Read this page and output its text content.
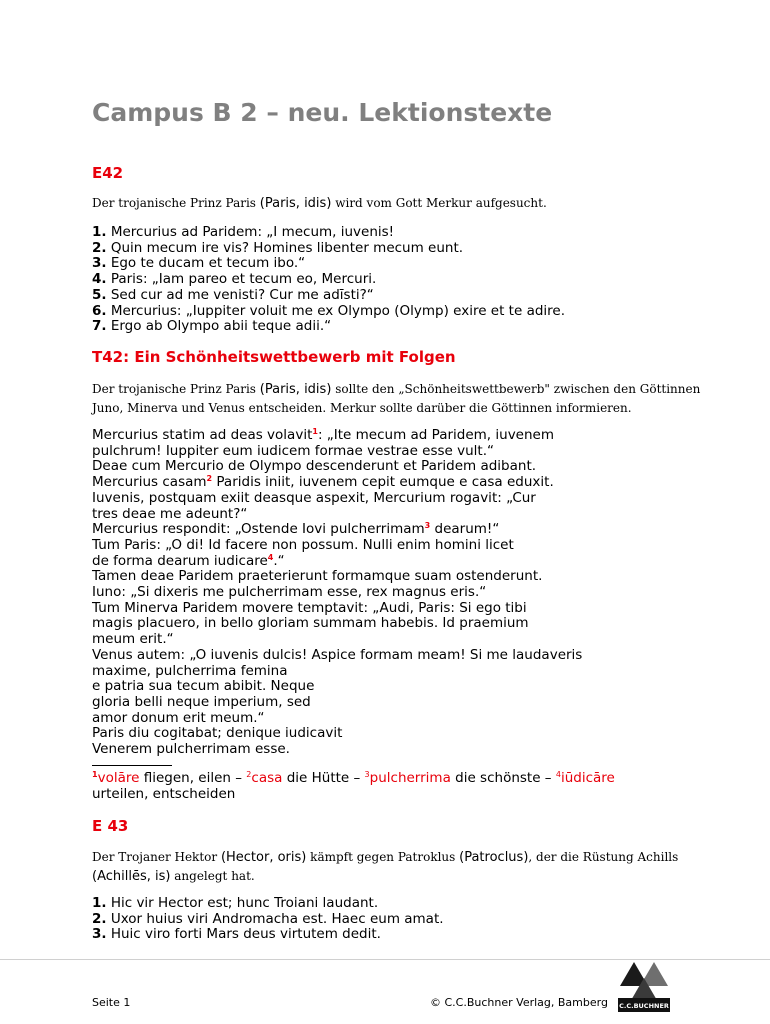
Campus B 2 – neu. Lektionstexte
E42
Der trojanische Prinz Paris (Paris, idis) wird vom Gott Merkur aufgesucht.
1. Mercurius ad Paridem: „I mecum, iuvenis!
2. Quin mecum ire vis? Homines libenter mecum eunt.
3. Ego te ducam et tecum ibo.“
4. Paris: „Iam pareo et tecum eo, Mercuri.
5. Sed cur ad me venisti? Cur me adīsti?“
6. Mercurius: „Iuppiter voluit me ex Olympo (Olymp) exire et te adire.
7. Ergo ab Olympo abii teque adii.“
T42: Ein Schönheitswettbewerb mit Folgen
Der trojanische Prinz Paris (Paris, idis) sollte den „Schönheitswettbewerb" zwischen den Göttinnen
Juno, Minerva und Venus entscheiden. Merkur sollte darüber die Göttinnen informieren.
Mercurius statim ad deas volavit$^1$: „Ite mecum ad Paridem, iuvenem
pulchrum! Iuppiter eum iudicem formae vestrae esse vult.“
Deae cum Mercurio de Olympo descenderunt et Paridem adibant.
Mercurius casam$^2$ Paridis iniit, iuvenem cepit eumque e casa eduxit.
Iuvenis, postquam exiit deasque aspexit, Mercurium rogavit: „Cur
tres deae me adeunt?“
Mercurius respondit: „Ostende Iovi pulcherrimam$^3$ dearum!“
Tum Paris: „O di! Id facere non possum. Nulli enim homini licet
de forma dearum iudicare$^4$.“
Tamen deae Paridem praeterierunt formamque suam ostenderunt.
Iuno: „Si dixeris me pulcherrimam esse, rex magnus eris.“
Tum Minerva Paridem movere temptavit: „Audi, Paris: Si ego tibi
magis placuero, in bello gloriam summam habebis. Id praemium
meum erit.“
Venus autem: „O iuvenis dulcis! Aspice formam meam! Si me laudaveris
maxime, pulcherrima femina
e patria sua tecum abibit. Neque
gloria belli neque imperium, sed
amor donum erit meum.“
Paris diu cogitabat; denique iudicavit
Venerem pulcherrimam esse.
$^1$volāre fliegen, eilen – $^2$casa die Hütte – $^3$pulcherrima die schönste – $^4$iūdicāre
urteilen, entscheiden
E 43
Der Trojaner Hektor (Hector, oris) kämpft gegen Patroklus (Patroclus), der die Rüstung Achills
(Achillēs, is) angelegt hat.
1. Hic vir Hector est; hunc Troiani laudant.
2. Uxor huius viri Andromacha est. Haec eum amat.
3. Huic viro forti Mars deus virtutem dedit.
Seite 1	© C.C.Buchner Verlag, Bamberg C.C.BUCHNER
